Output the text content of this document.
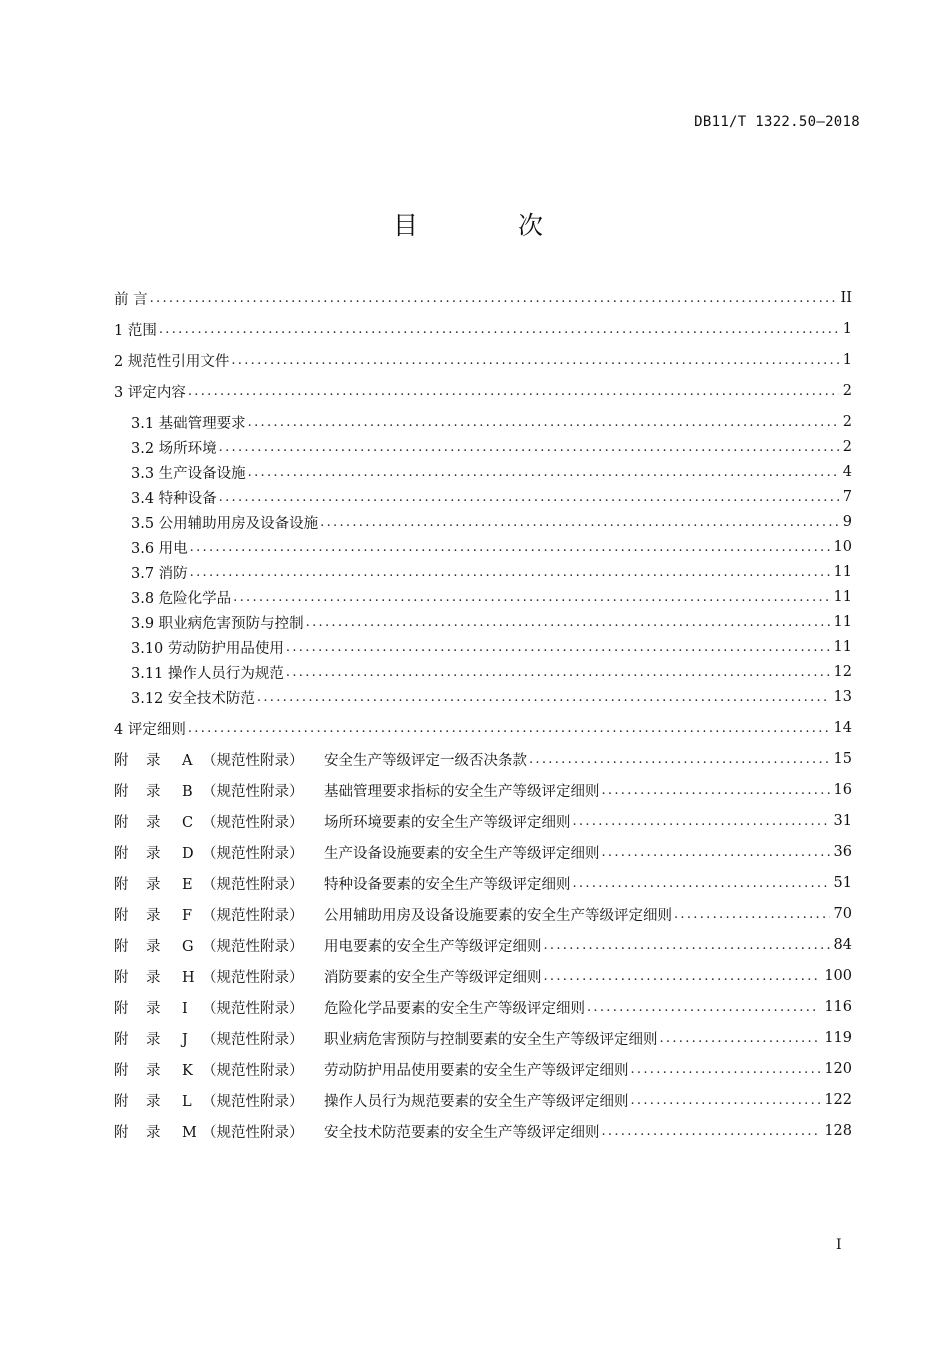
DB11/T 1322.50—2018
目 次
前 言 .....	II
1 范围 .....	1
2 规范性引用文件 .....	1
3 评定内容 .....	2
3.1 基础管理要求 .....	2
3.2 场所环境 .....	2
3.3 生产设备设施 .....	4
3.4 特种设备 .....	7
3.5 公用辅助用房及设备设施 .....	9
3.6 用电 .....	10
3.7 消防 .....	11
3.8 危险化学品 .....	11
3.9 职业病危害预防与控制 .....	11
3.10 劳动防护用品使用 .....	11
3.11 操作人员行为规范 .....	12
3.12 安全技术防范 .....	13
4 评定细则 .....	14
附 录 A （规范性附录）	安全生产等级评定一级否决条款 .....	15
附 录 B （规范性附录）	基础管理要求指标的安全生产等级评定细则 .....	16
附 录 C （规范性附录）	场所环境要素的安全生产等级评定细则 .....	31
附 录 D （规范性附录）	生产设备设施要素的安全生产等级评定细则 .....	36
附 录 E （规范性附录）	特种设备要素的安全生产等级评定细则 .....	51
附 录 F （规范性附录）	公用辅助用房及设备设施要素的安全生产等级评定细则 .....	70
附 录 G （规范性附录）	用电要素的安全生产等级评定细则 .....	84
附 录 H （规范性附录）	消防要素的安全生产等级评定细则 .....	100
附 录 I （规范性附录）	危险化学品要素的安全生产等级评定细则 .....	116
附 录 J （规范性附录）	职业病危害预防与控制要素的安全生产等级评定细则 .....	119
附 录 K （规范性附录）	劳动防护用品使用要素的安全生产等级评定细则 .....	120
附 录 L （规范性附录）	操作人员行为规范要素的安全生产等级评定细则 .....	122
附 录 M （规范性附录）	安全技术防范要素的安全生产等级评定细则 .....	128
I
